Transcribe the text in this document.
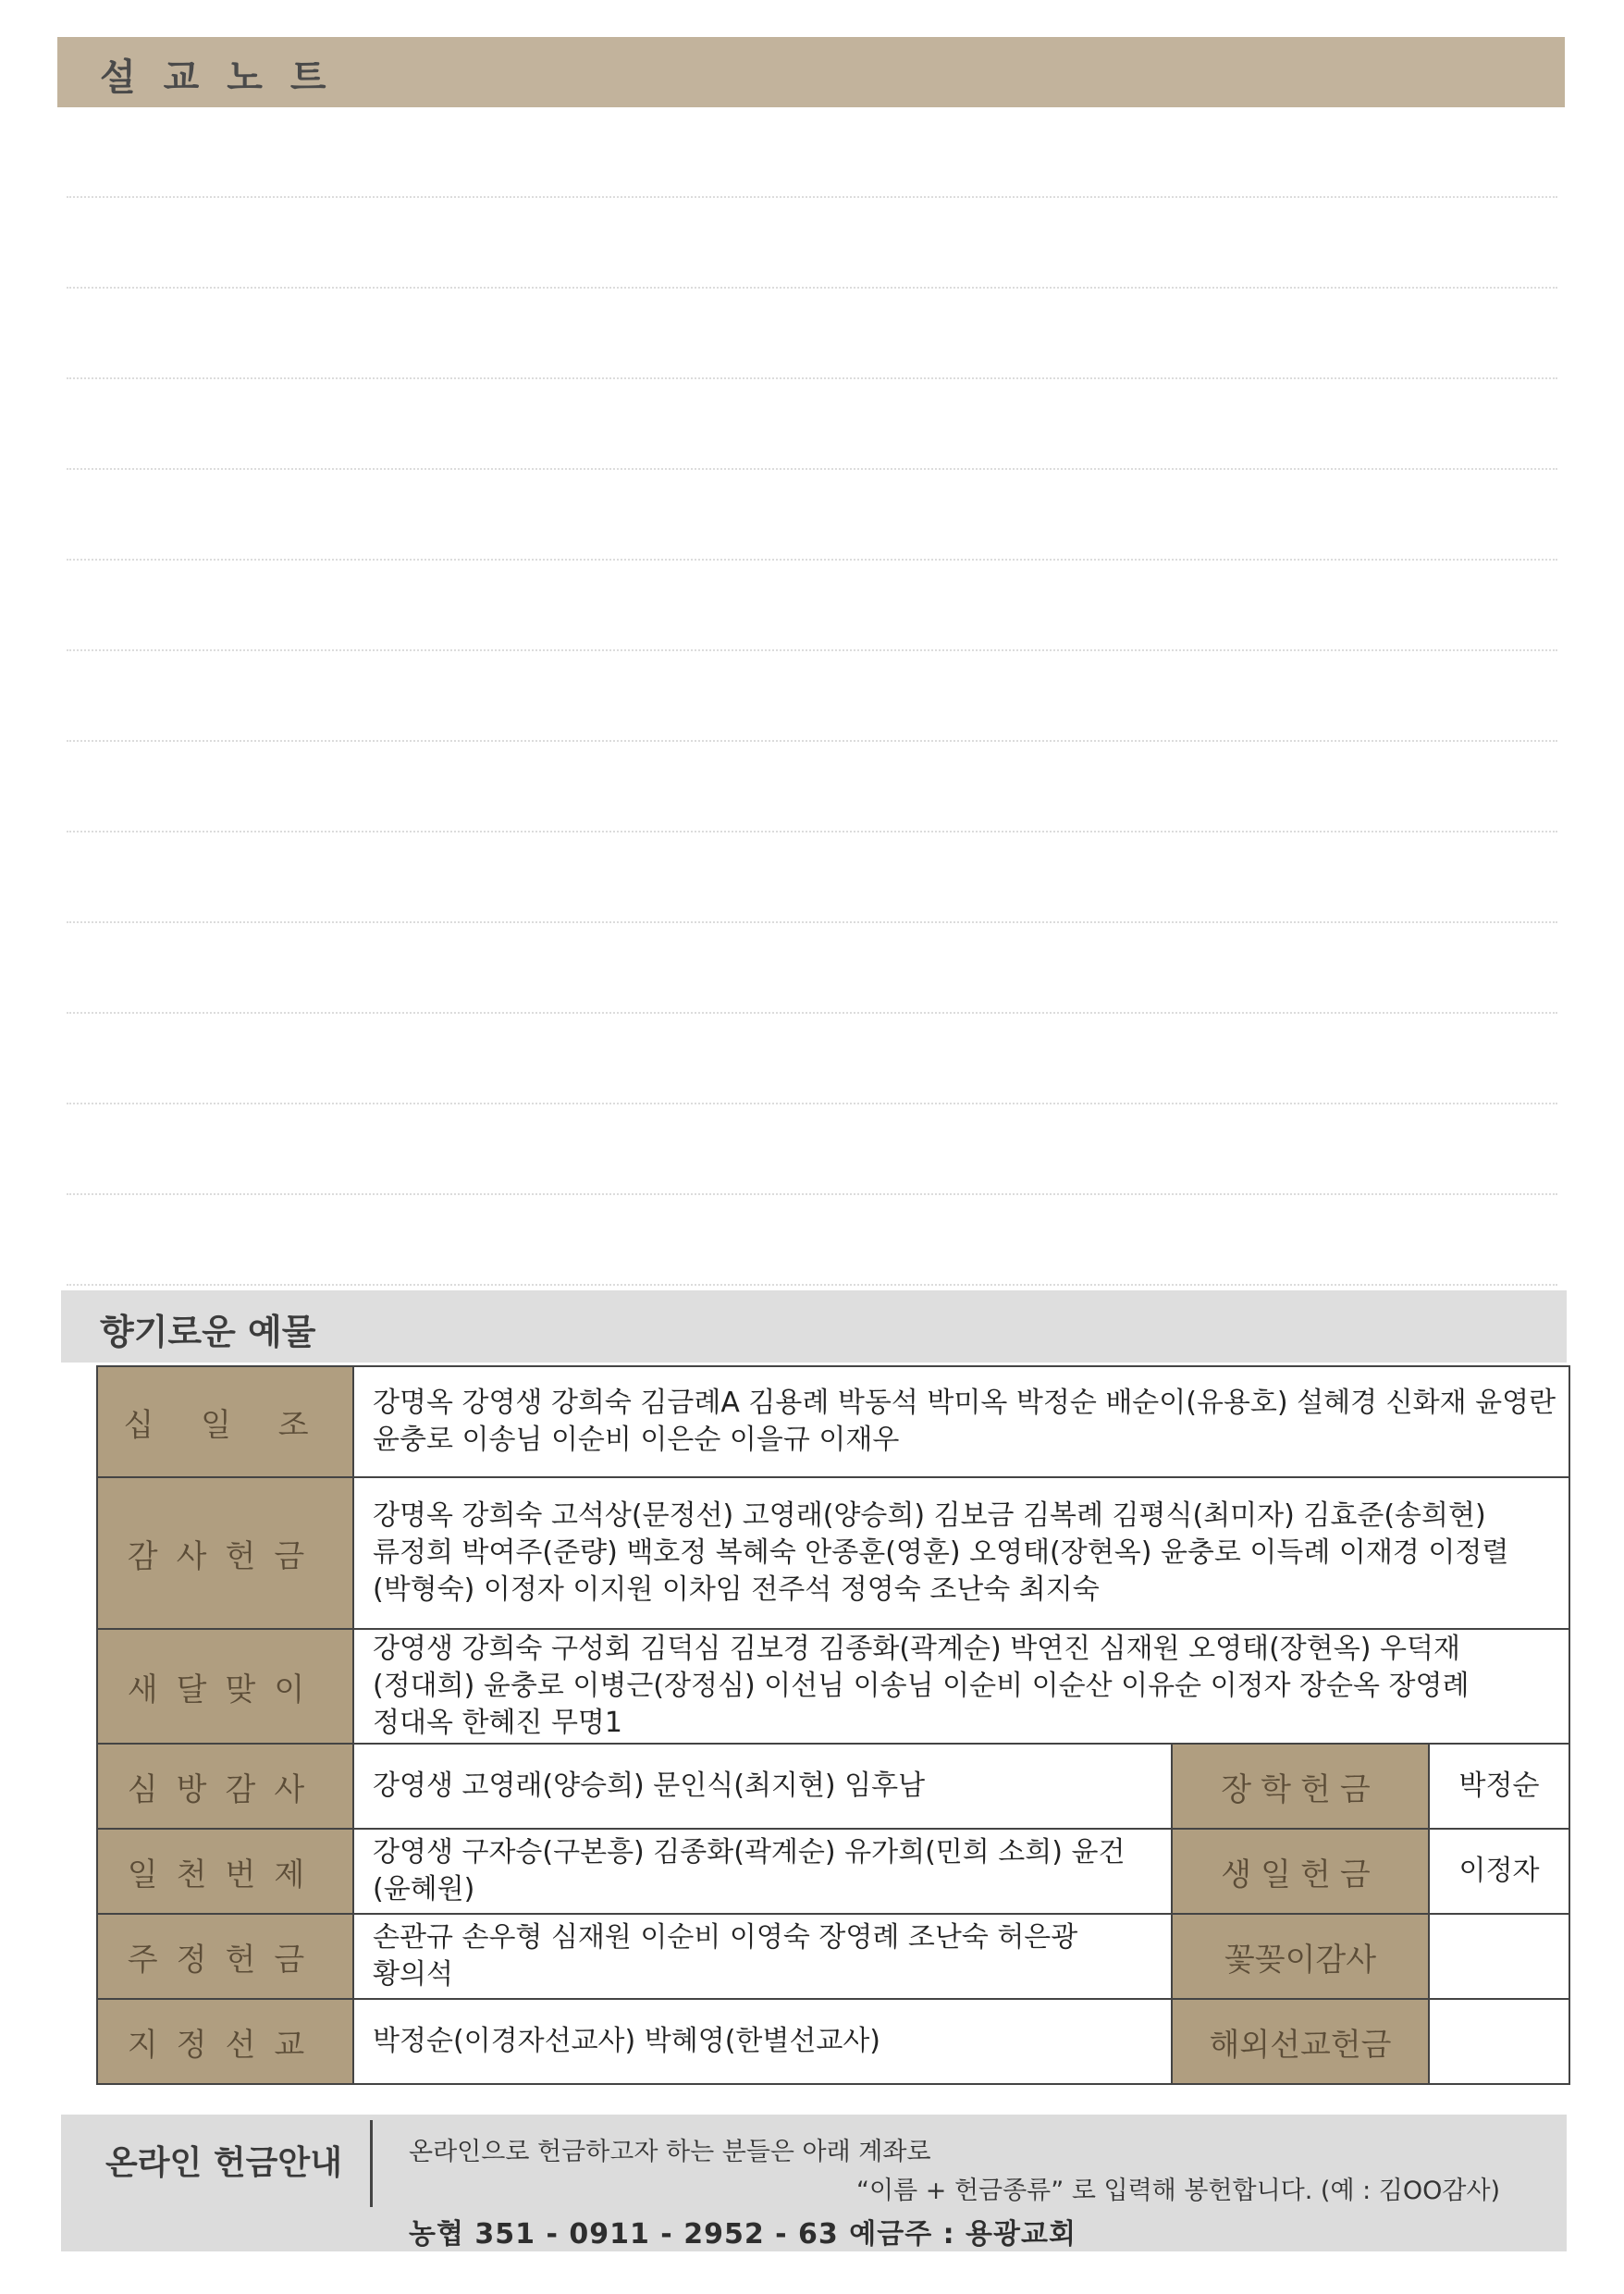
설교노트
향기로운 예물
십 일 조	강명옥 강영생 강희숙 김금례A 김용례 박동석 박미옥 박정순 배순이(유용호) 설혜경 신화재 윤영란 윤충로 이송님 이순비 이은순 이을규 이재우		
감사헌금	강명옥 강희숙 고석상(문정선) 고영래(양승희) 김보금 김복례 김평식(최미자) 김효준(송희현) 류정희 박여주(준량) 백호정 복혜숙 안종훈(영훈) 오영태(장현옥) 윤충로 이득례 이재경 이정렬(박형숙) 이정자 이지원 이차임 전주석 정영숙 조난숙 최지숙		
새달맞이	강영생 강희숙 구성회 김덕심 김보경 김종화(곽계순) 박연진 심재원 오영태(장현옥) 우덕재(정대희) 윤충로 이병근(장정심) 이선님 이송님 이순비 이순산 이유순 이정자 장순옥 장영례 정대옥 한혜진 무명1		
심방감사	강영생 고영래(양승희) 문인식(최지현) 임후남	장학헌금	박정순
일천번제	강영생 구자승(구본흥) 김종화(곽계순) 유가희(민희 소희) 윤건(윤혜원)	생일헌금	이정자
주정헌금	손관규 손우형 심재원 이순비 이영숙 장영례 조난숙 허은광 황의석	꽃꽂이감사	
지정선교	박정순(이경자선교사) 박혜영(한별선교사)	해외선교헌금	
온라인 헌금안내	온라인으로 헌금하고자 하는 분들은 아래 계좌로
“이름 + 헌금종류” 로 입력해 봉헌합니다. (예 : 김OO감사)
농협 351 - 0911 - 2952 - 63 예금주 : 용광교회
